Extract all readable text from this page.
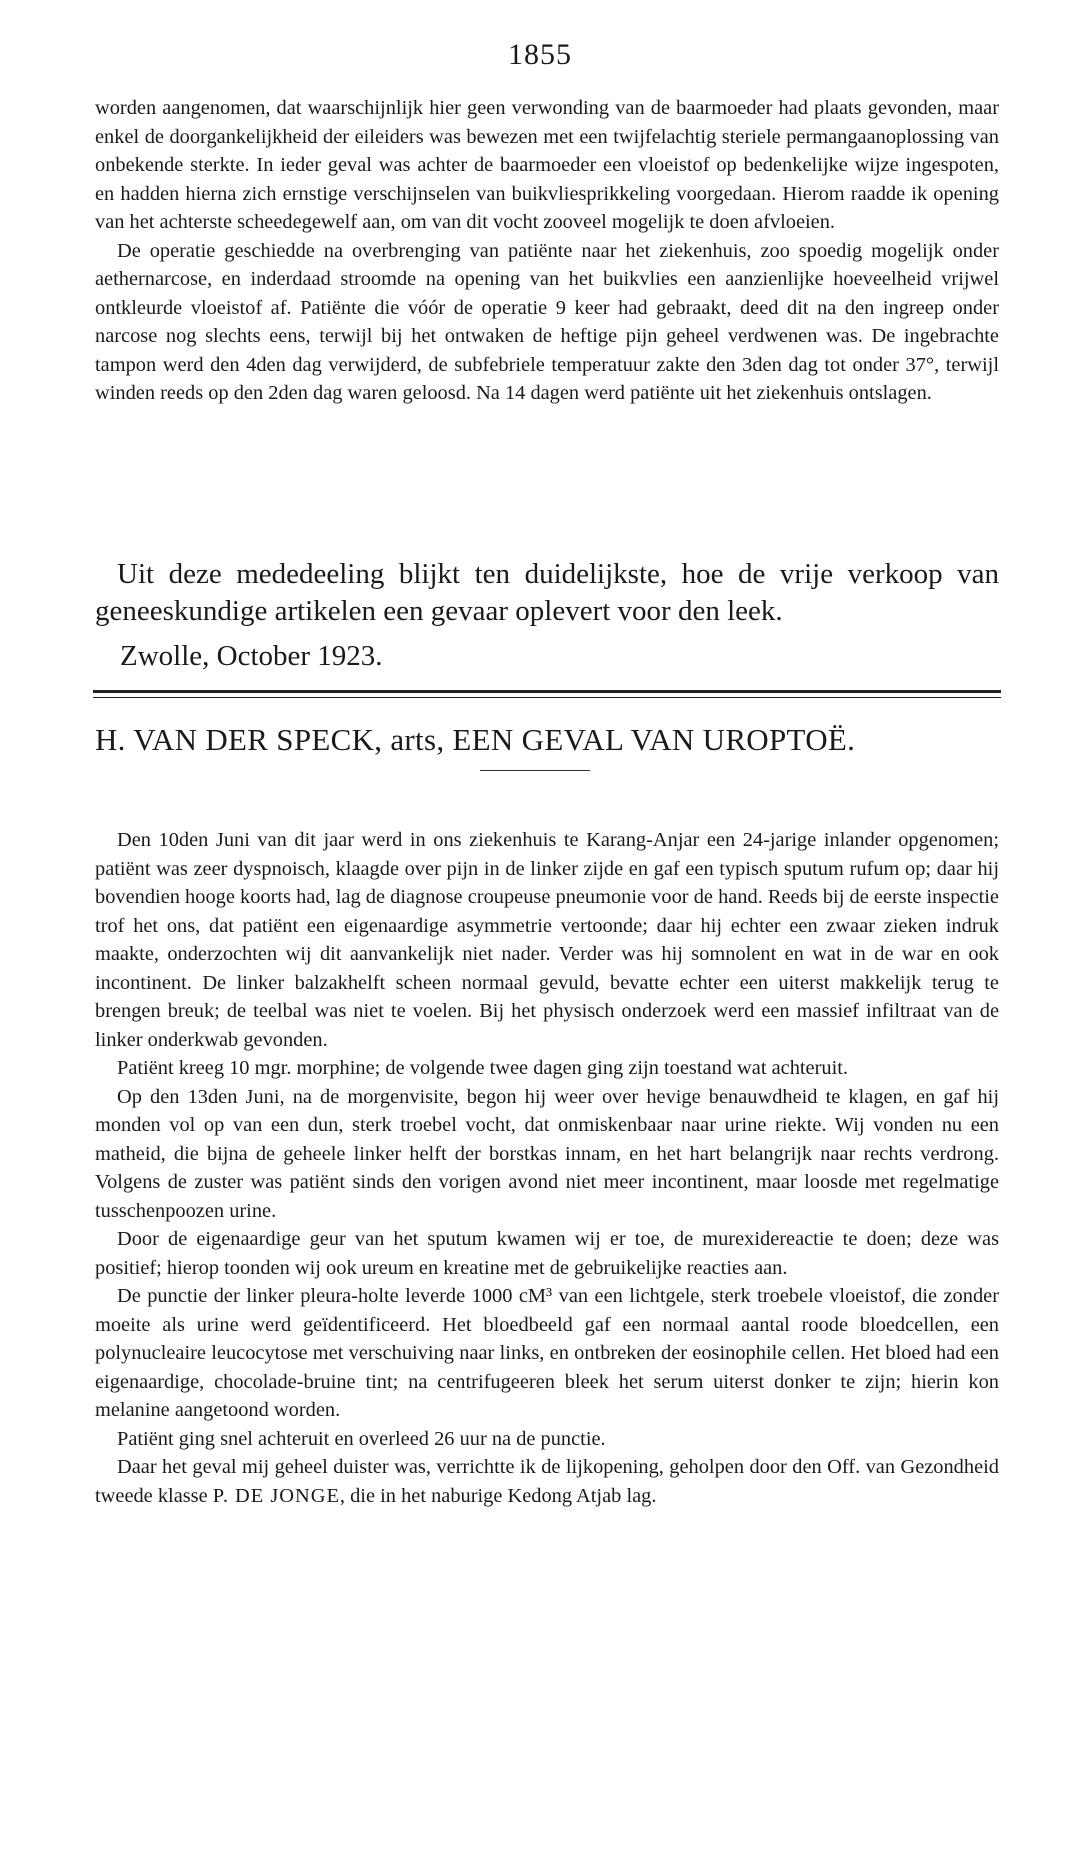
1855

worden aangenomen, dat waarschijnlijk hier geen verwonding van de baarmoeder had plaats gevonden, maar enkel de doorgankelijkheid der eileiders was bewezen met een twijfelachtig steriele permangaanoplossing van onbekende sterkte. In ieder geval was achter de baarmoeder een vloeistof op bedenkelijke wijze ingespoten, en hadden hierna zich ernstige verschijnselen van buikvliesprikkeling voorgedaan. Hierom raadde ik opening van het achterste scheedegewelf aan, om van dit vocht zooveel mogelijk te doen afvloeien.

De operatie geschiedde na overbrenging van patiënte naar het ziekenhuis, zoo spoedig mogelijk onder aethernarcose, en inderdaad stroomde na opening van het buikvlies een aanzienlijke hoeveelheid vrijwel ontkleurde vloeistof af. Patiënte die vóór de operatie 9 keer had gebraakt, deed dit na den ingreep onder narcose nog slechts eens, terwijl bij het ontwaken de heftige pijn geheel verdwenen was. De ingebrachte tampon werd den 4den dag verwijderd, de subfebriele temperatuur zakte den 3den dag tot onder 37°, terwijl winden reeds op den 2den dag waren geloosd. Na 14 dagen werd patiënte uit het ziekenhuis ontslagen.

Uit deze mededeeling blijkt ten duidelijkste, hoe de vrije verkoop van geneeskundige artikelen een gevaar oplevert voor den leek.

Zwolle, October 1923.
H. VAN DER SPECK, arts, EEN GEVAL VAN UROPTOË.

Den 10den Juni van dit jaar werd in ons ziekenhuis te Karang-Anjar een 24-jarige inlander opgenomen; patiënt was zeer dyspnoisch, klaagde over pijn in de linker zijde en gaf een typisch sputum rufum op; daar hij bovendien hooge koorts had, lag de diagnose croupeuse pneumonie voor de hand. Reeds bij de eerste inspectie trof het ons, dat patiënt een eigenaardige asymmetrie vertoonde; daar hij echter een zwaar zieken indruk maakte, onderzochten wij dit aanvankelijk niet nader. Verder was hij somnolent en wat in de war en ook incontinent. De linker balzakhelft scheen normaal gevuld, bevatte echter een uiterst makkelijk terug te brengen breuk; de teelbal was niet te voelen. Bij het physisch onderzoek werd een massief infiltraat van de linker onderkwab gevonden.

Patiënt kreeg 10 mgr. morphine; de volgende twee dagen ging zijn toestand wat achteruit.

Op den 13den Juni, na de morgenvisite, begon hij weer over hevige benauwdheid te klagen, en gaf hij monden vol op van een dun, sterk troebel vocht, dat onmiskenbaar naar urine riekte. Wij vonden nu een matheid, die bijna de geheele linker helft der borstkas innam, en het hart belangrijk naar rechts verdrong. Volgens de zuster was patiënt sinds den vorigen avond niet meer incontinent, maar loosde met regelmatige tusschenpoozen urine.

Door de eigenaardige geur van het sputum kwamen wij er toe, de murexidereactie te doen; deze was positief; hierop toonden wij ook ureum en kreatine met de gebruikelijke reacties aan.

De punctie der linker pleura-holte leverde 1000 cM³ van een lichtgele, sterk troebele vloeistof, die zonder moeite als urine werd geïdentificeerd. Het bloedbeeld gaf een normaal aantal roode bloedcellen, een polynucleaire leucocytose met verschuiving naar links, en ontbreken der eosinophile cellen. Het bloed had een eigenaardige, chocolade-bruine tint; na centrifugeeren bleek het serum uiterst donker te zijn; hierin kon melanine aangetoond worden.

Patiënt ging snel achteruit en overleed 26 uur na de punctie.

Daar het geval mij geheel duister was, verrichtte ik de lijkopening, geholpen door den Off. van Gezondheid tweede klasse P. DE JONGE, die in het naburige Kedong Atjab lag.
